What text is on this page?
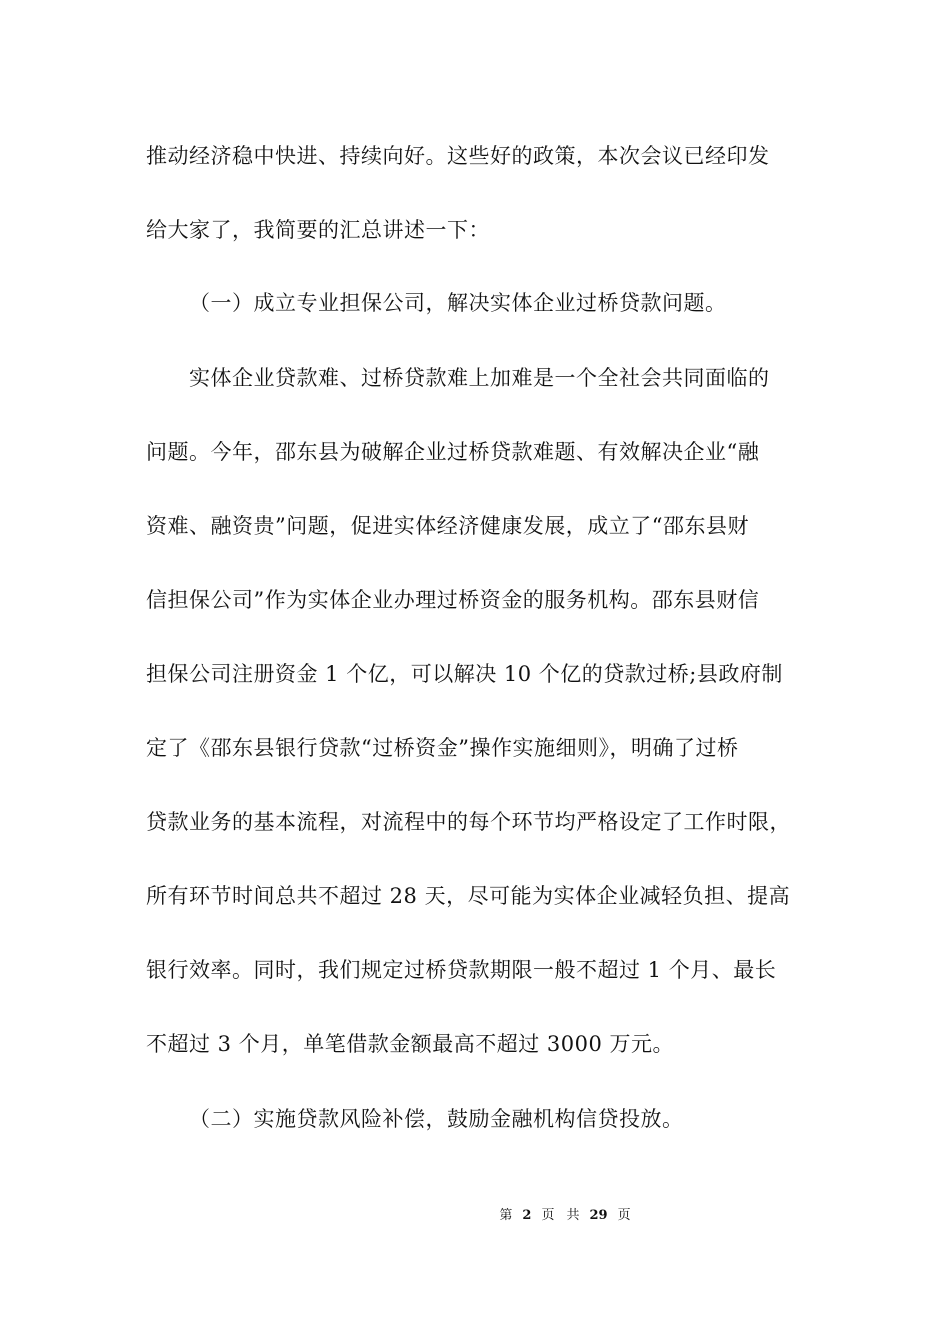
推动经济稳中快进、持续向好。这些好的政策，本次会议已经印发
给大家了，我简要的汇总讲述一下：
（一）成立专业担保公司，解决实体企业过桥贷款问题。
实体企业贷款难、过桥贷款难上加难是一个全社会共同面临的
问题。今年，邵东县为破解企业过桥贷款难题、有效解决企业“融
资难、融资贵”问题，促进实体经济健康发展，成立了“邵东县财
信担保公司”作为实体企业办理过桥资金的服务机构。邵东县财信
担保公司注册资金 1 个亿，可以解决 10 个亿的贷款过桥;县政府制
定了《邵东县银行贷款“过桥资金”操作实施细则》，明确了过桥
贷款业务的基本流程，对流程中的每个环节均严格设定了工作时限，
所有环节时间总共不超过 28 天，尽可能为实体企业减轻负担、提高
银行效率。同时，我们规定过桥贷款期限一般不超过 1 个月、最长
不超过 3 个月，单笔借款金额最高不超过 3000 万元。
（二）实施贷款风险补偿，鼓励金融机构信贷投放。
第 2 页 共 29 页
